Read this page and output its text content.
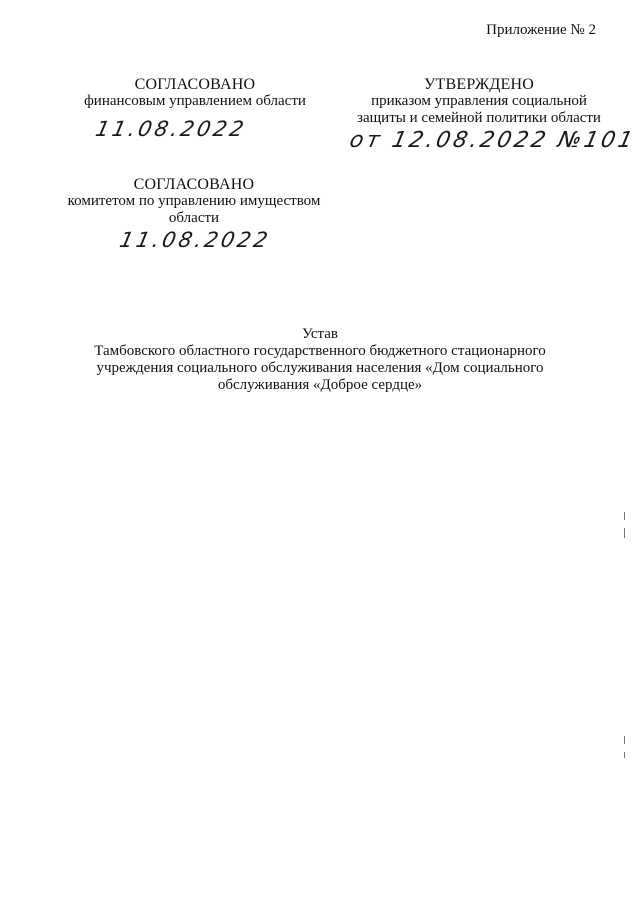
Приложение № 2
СОГЛАСОВАНО
финансовым управлением области
11.08.2022
УТВЕРЖДЕНО
приказом управления социальной
защиты и семейной политики области
от 12.08.2022 №101
СОГЛАСОВАНО
комитетом по управлению имуществом
области
11.08.2022
Устав
Тамбовского областного государственного бюджетного стационарного
учреждения социального обслуживания населения «Дом социального
обслуживания «Доброе сердце»
